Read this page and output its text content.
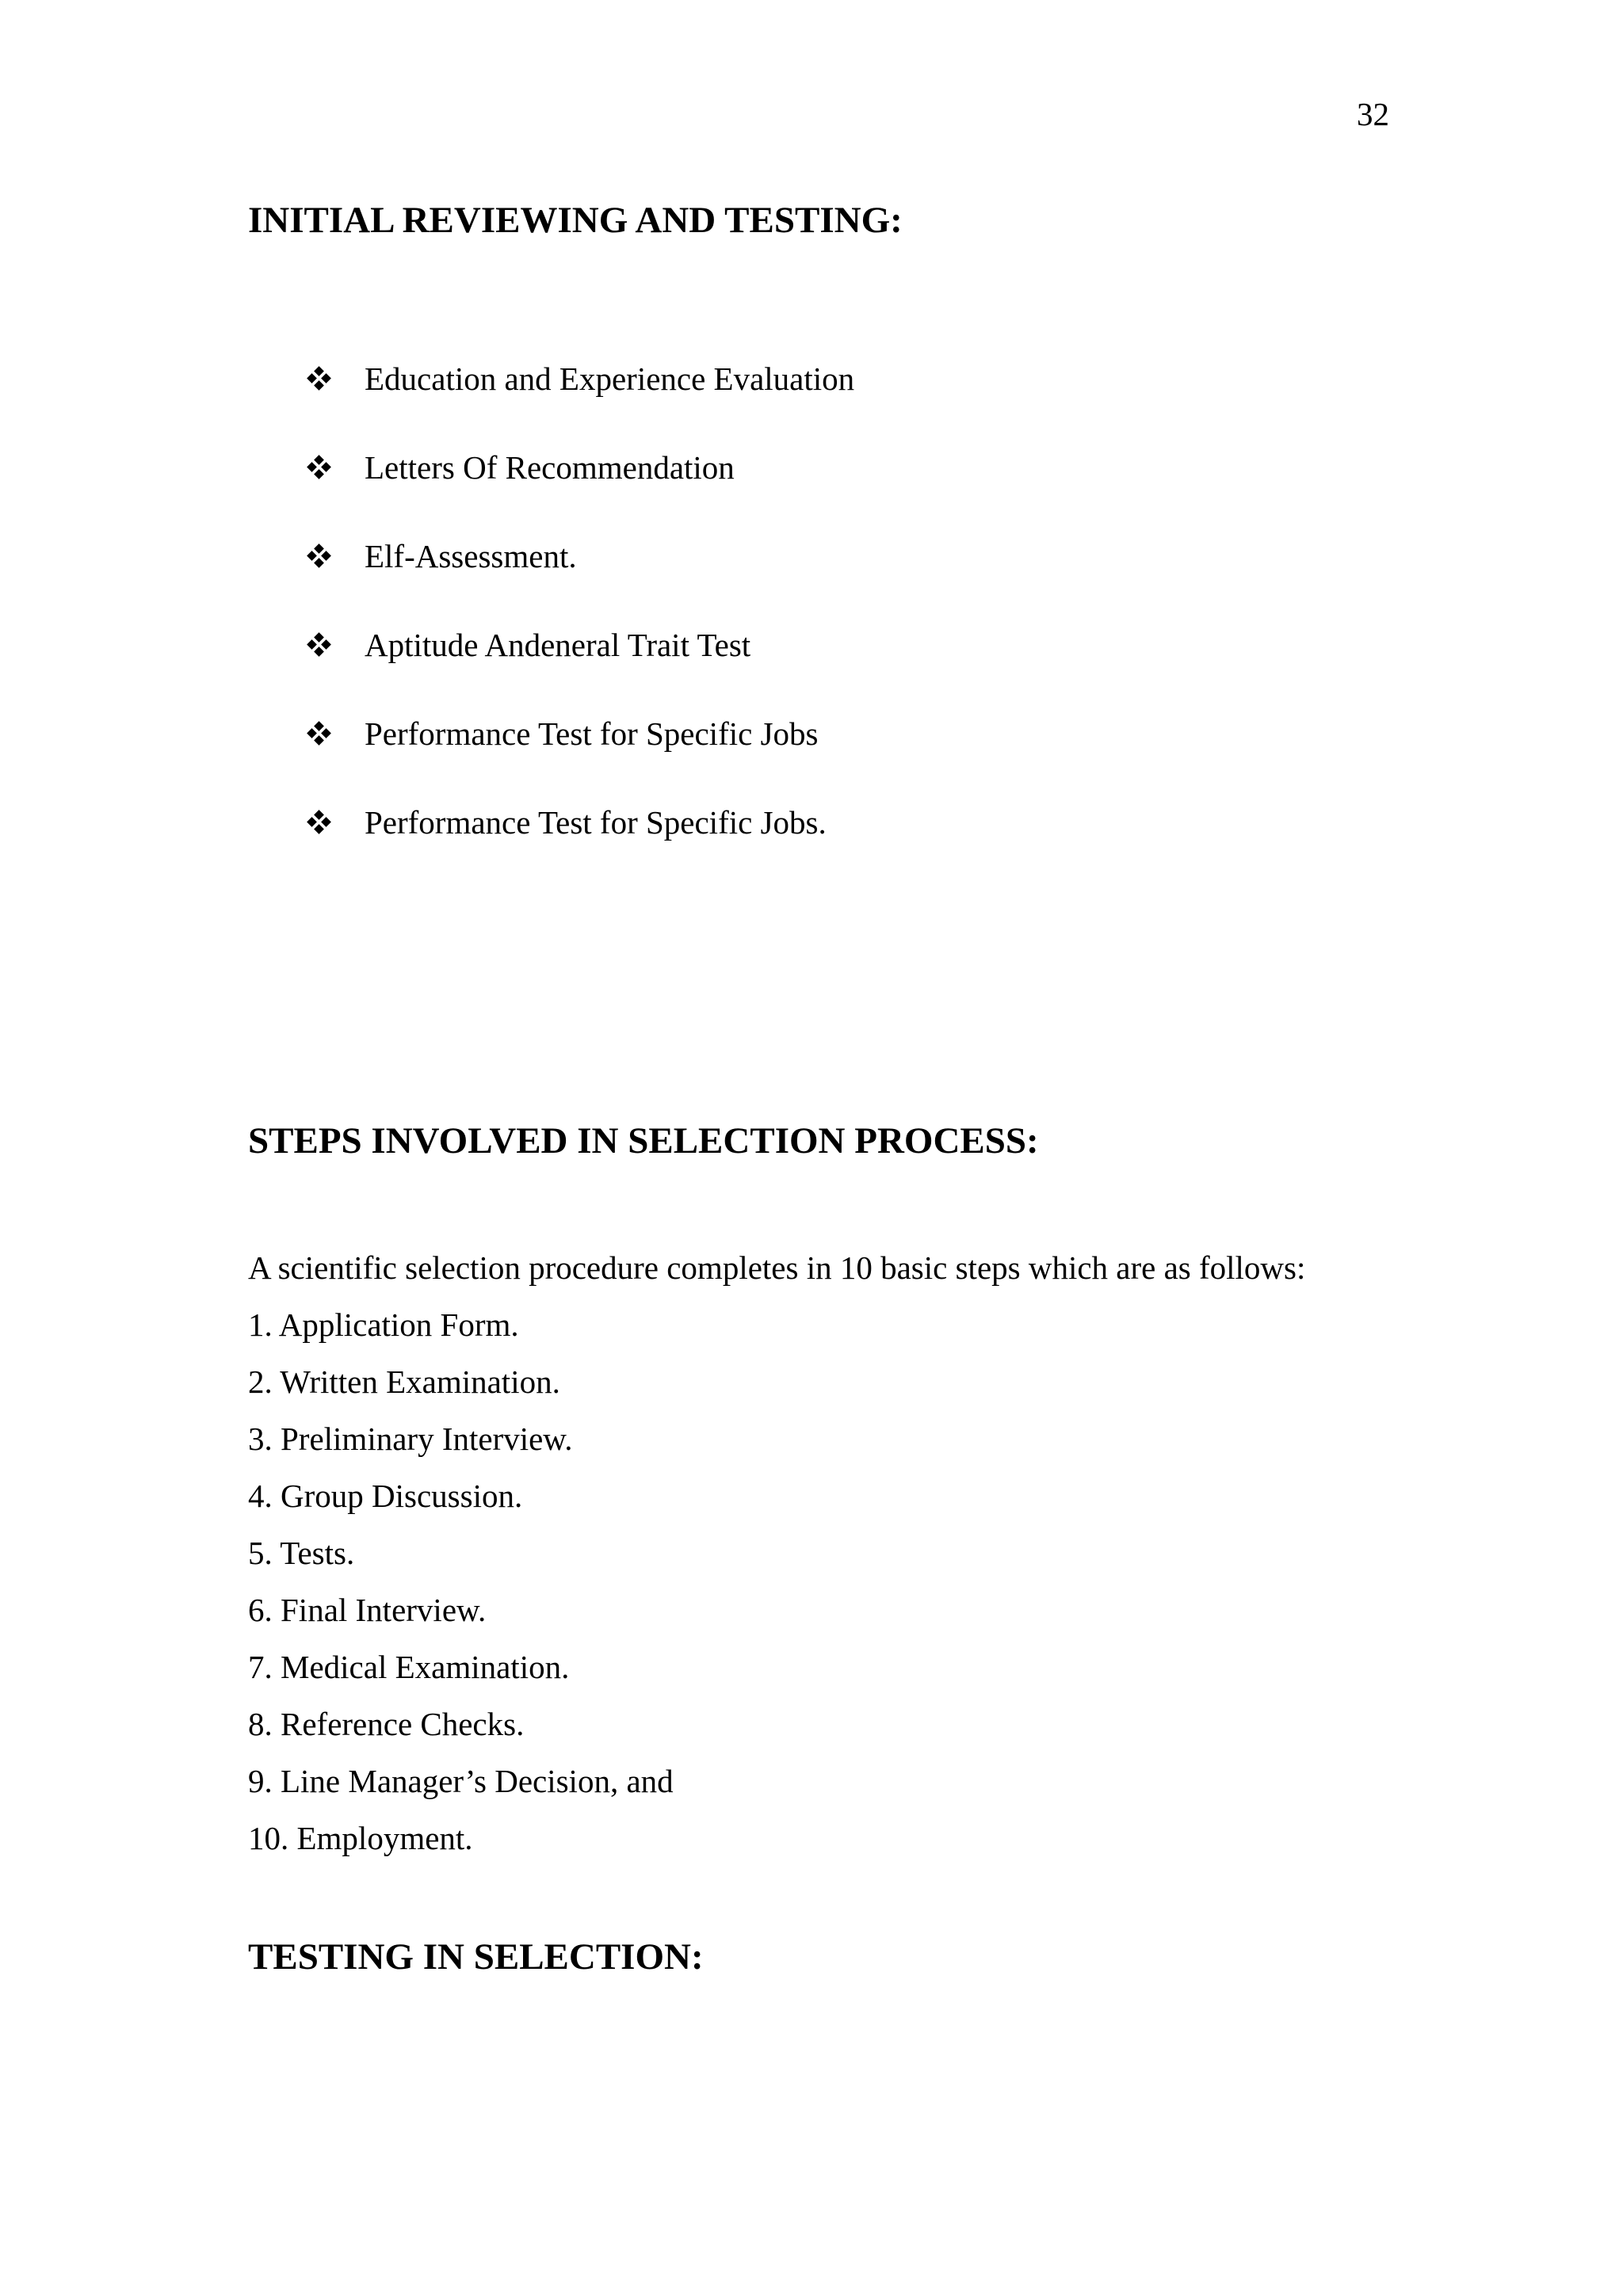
32
INITIAL REVIEWING AND TESTING:
Education and Experience Evaluation
Letters Of Recommendation
Elf-Assessment.
Aptitude Andeneral Trait Test
Performance Test for Specific Jobs
Performance Test for Specific Jobs.
STEPS INVOLVED IN SELECTION PROCESS:

A scientific selection procedure completes in 10 basic steps which are as follows:

1. Application Form.
2. Written Examination.
3. Preliminary Interview.
4. Group Discussion.
5. Tests.
6. Final Interview.
7. Medical Examination.
8. Reference Checks.
9. Line Manager’s Decision, and
10. Employment.
TESTING IN SELECTION:
